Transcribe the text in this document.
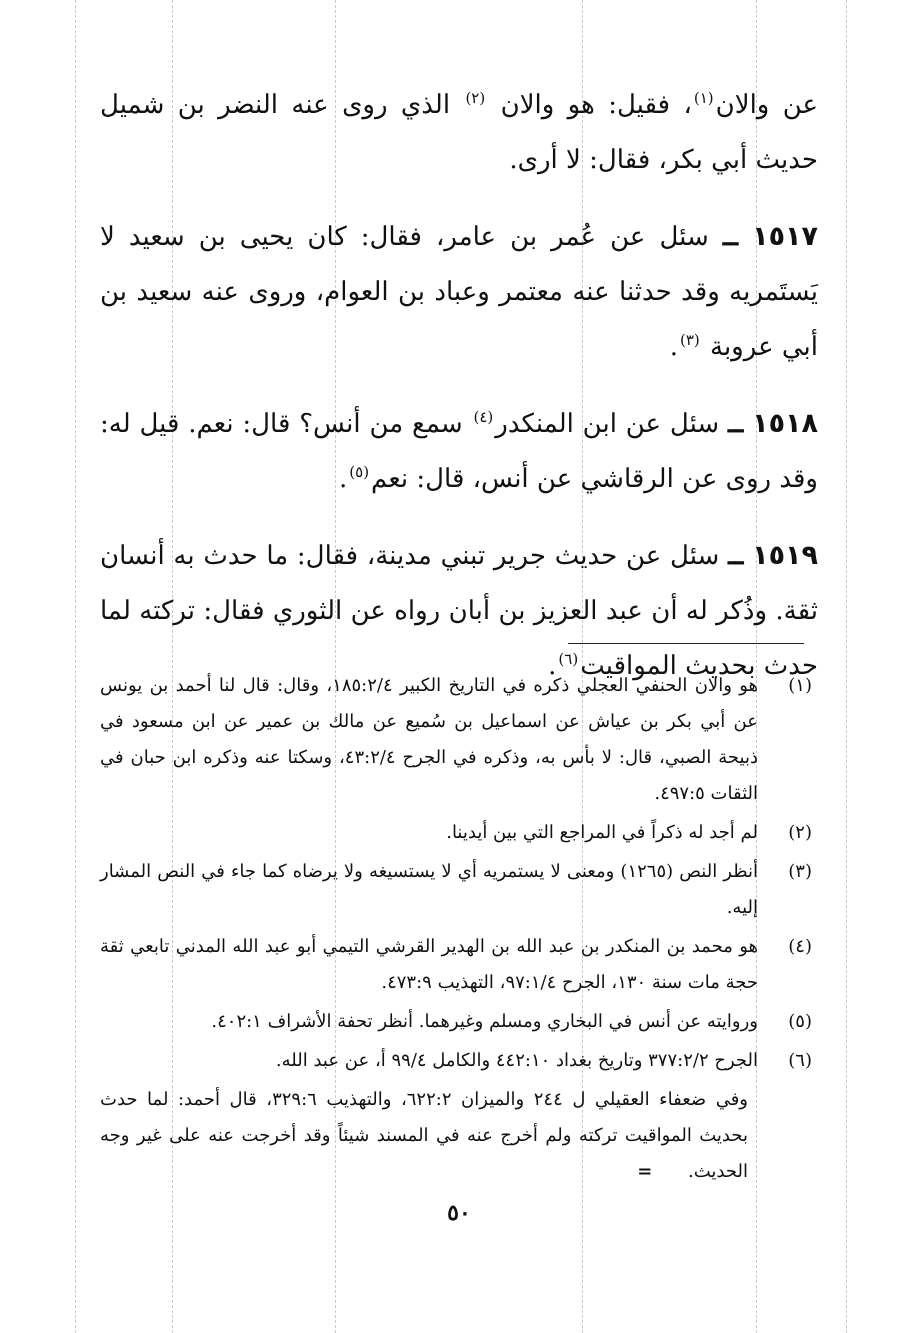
عن والان$^{(١)}$، فقيل: هو والان $^{(٢)}$ الذي روى عنه النضر بن شميل حديث أبي بكر، فقال: لا أرى.

١٥١٧ ــ سئل عن عُمر بن عامر، فقال: كان يحيى بن سعيد لا يَستَمريه وقد حدثنا عنه معتمر وعباد بن العوام، وروى عنه سعيد بن أبي عروبة $^{(٣)}$.

١٥١٨ ــ سئل عن ابن المنكدر$^{(٤)}$ سمع من أنس؟ قال: نعم. قيل له: وقد روى عن الرقاشي عن أنس، قال: نعم$^{(٥)}$.

١٥١٩ ــ سئل عن حديث جرير تبني مدينة، فقال: ما حدث به أنسان ثقة. وذُكر له أن عبد العزيز بن أبان رواه عن الثوري فقال: تركته لما حدث بحديث المواقيت$^{(٦)}$.

(١)
هو والان الحنفي العجلي ذكره في التاريخ الكبير ١٨٥:٢/٤، وقال: قال لنا أحمد بن يونس عن أبي بكر بن عياش عن اسماعيل بن سُميع عن مالك بن عمير عن ابن مسعود في ذبيحة الصبي، قال: لا بأس به، وذكره في الجرح ٤٣:٢/٤، وسكتا عنه وذكره ابن حبان في الثقات ٤٩٧:٥.
(٢)
لم أجد له ذكراً في المراجع التي بين أيدينا.
(٣)
أنظر النص (١٢٦٥) ومعنى لا يستمريه أي لا يستسيغه ولا يرضاه كما جاء في النص المشار إليه.
(٤)
هو محمد بن المنكدر بن عبد الله بن الهدير القرشي التيمي أبو عبد الله المدني تابعي ثقة حجة مات سنة ١٣٠، الجرح ٩٧:١/٤، التهذيب ٤٧٣:٩.
(٥)
وروايته عن أنس في البخاري ومسلم وغيرهما. أنظر تحفة الأشراف ٤٠٢:١.
(٦)
الجرح ٣٧٧:٢/٢ وتاريخ بغداد ٤٤٢:١٠ والكامل ٩٩/٤ أ، عن عبد الله.
وفي ضعفاء العقيلي ل ٢٤٤ والميزان ٦٢٢:٢، والتهذيب ٣٢٩:٦، قال أحمد: لما حدث بحديث المواقيت تركته ولم أخرج عنه في المسند شيئاً وقد أخرجت عنه على غير وجه الحديث. =
٥٠
